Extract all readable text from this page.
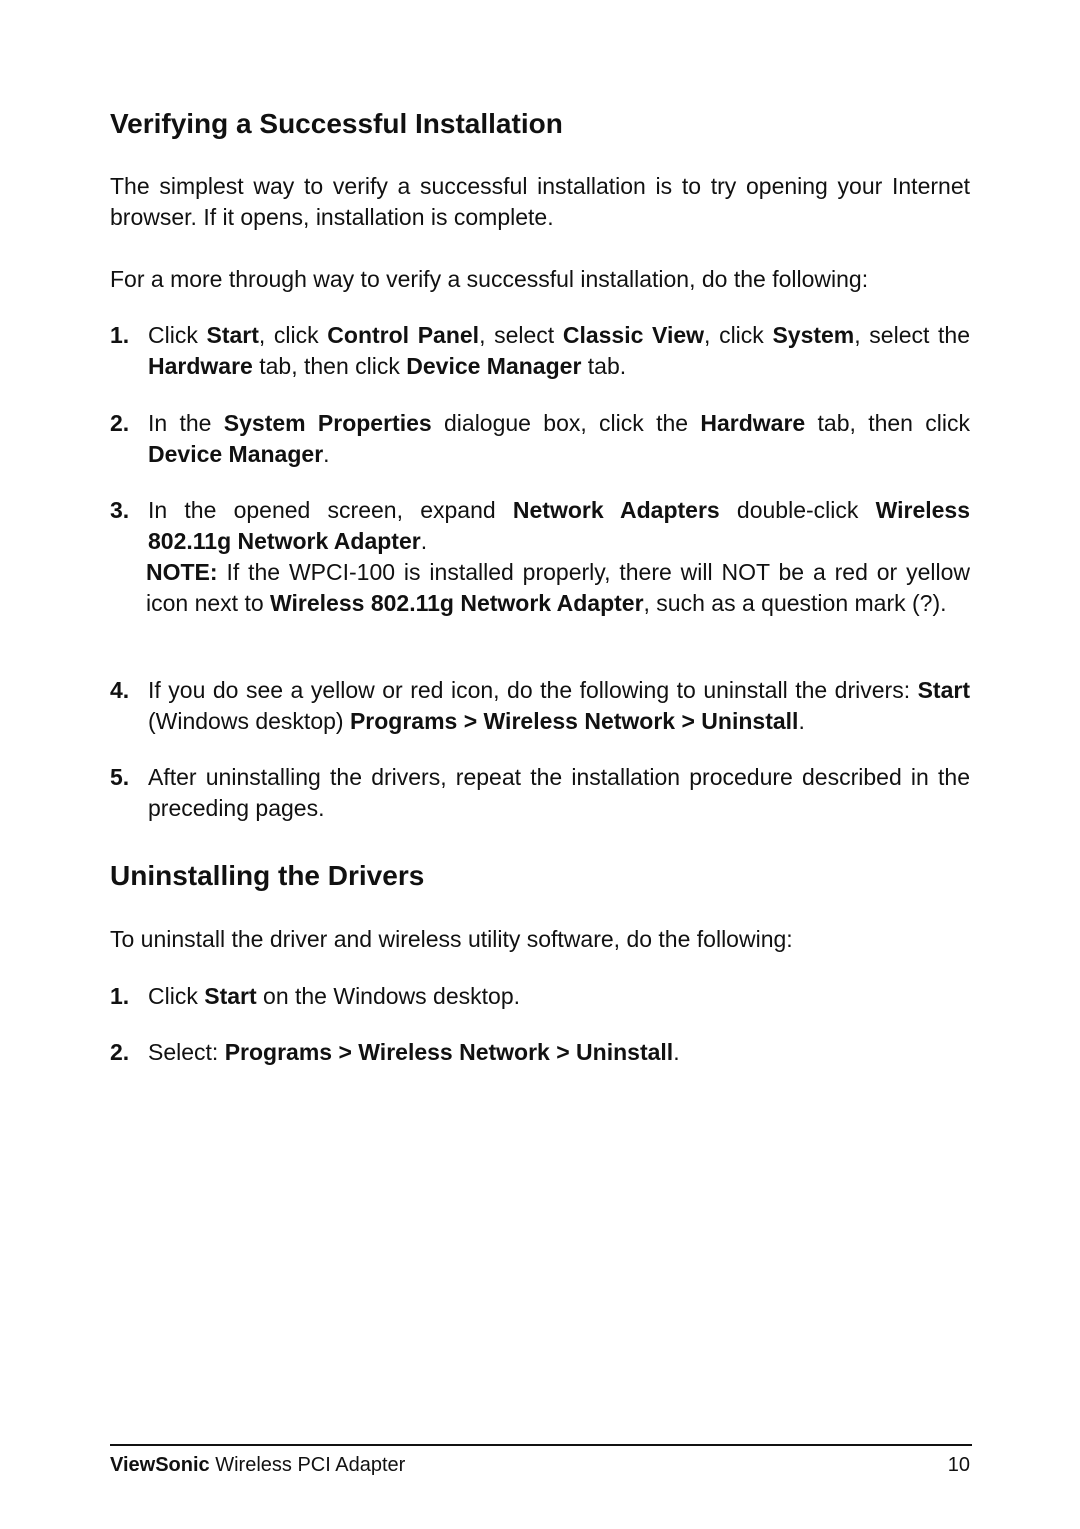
Verifying a Successful Installation

The simplest way to verify a successful installation is to try opening your Internet browser. If it opens, installation is complete.

For a more through way to verify a successful installation, do the following:

1. Click Start, click Control Panel, select Classic View, click System, select the Hardware tab, then click Device Manager tab.
2. In the System Properties dialogue box, click the Hardware tab, then click Device Manager.
3. In the opened screen, expand Network Adapters double-click Wireless 802.11g Network Adapter.
NOTE: If the WPCI-100 is installed properly, there will NOT be a red or yellow icon next to Wireless 802.11g Network Adapter, such as a question mark (?).
4. If you do see a yellow or red icon, do the following to uninstall the drivers: Start (Windows desktop) Programs > Wireless Network > Uninstall.
5. After uninstalling the drivers, repeat the installation procedure described in the preceding pages.
Uninstalling the Drivers

To uninstall the driver and wireless utility software, do the following:

1. Click Start on the Windows desktop.
2. Select: Programs > Wireless Network > Uninstall.
ViewSonic Wireless PCI Adapter	10
